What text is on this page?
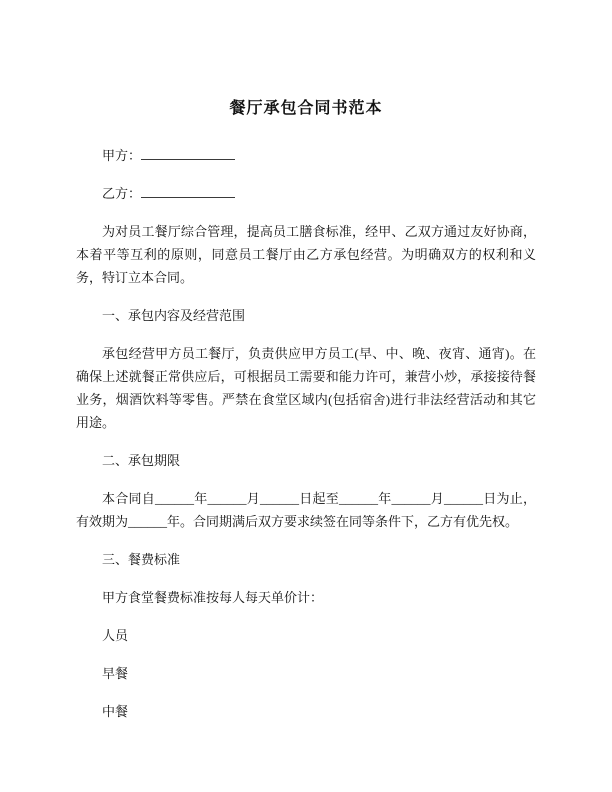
餐厅承包合同书范本

甲方：

乙方：

为对员工餐厅综合管理，提高员工膳食标准，经甲、乙双方通过友好协商，本着平等互利的原则，同意员工餐厅由乙方承包经营。为明确双方的权利和义务，特订立本合同。

一、承包内容及经营范围

承包经营甲方员工餐厅，负责供应甲方员工(早、中、晚、夜宵、通宵)。在确保上述就餐正常供应后，可根据员工需要和能力许可，兼营小炒，承接接待餐业务，烟酒饮料等零售。严禁在食堂区域内(包括宿舍)进行非法经营活动和其它用途。

二、承包期限

本合同自______年______月______日起至______年______月______日为止，有效期为______年。合同期满后双方要求续签在同等条件下，乙方有优先权。

三、餐费标准

甲方食堂餐费标准按每人每天单价计：

人员

早餐

中餐
